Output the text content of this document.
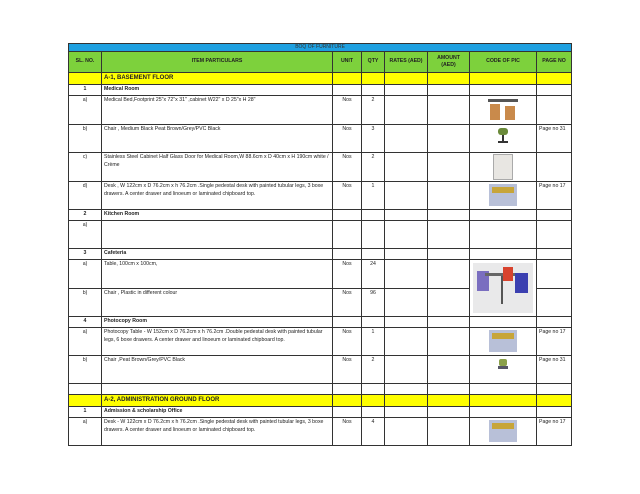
BOQ OF FURNITURE							
SL. NO.	ITEM PARTICULARS	UNIT	QTY	RATES (AED)	AMOUNT (AED)	CODE OF PIC	PAGE NO
	A-1, BASEMENT FLOOR						
1	Medical Room						
a)	Medical Bed,Footprint 25"x 72"x 31" ,cabinet W22" x D 25"x H 28"	Nos	2			

b)	Chair , Medium Black Peat Brown/Grey/PVC Black	Nos	3				Page no 31
c)	Stainless Steel Cabinet Half Glass Door for Medical Room,W 88.6cm x D 40cm x H 190cm white / Crème	Nos	2			

d)	Desk , W 122cm x D 76.2cm x h 76.2cm .Single pedestal desk with painted tubular legs, 3 boxe drawers. A center drawer and linoeum or laminated chipboard top.	Nos	1				Page no 17
2	Kitchen Room						
a)							
3	Cafeteria						
a)	Table, 100cm x 100cm,	Nos	24			

b)	Chair , Plastic in different colour	Nos	96				
4	Photocopy Room						
a)	Photocopy Table - W 152cm x D 76.2cm x h 76.2cm .Double pedestal desk with painted tubular legs, 6 boxe drawers. A center drawer and linoeum or laminated chipboard top.	Nos	1				Page no 17
b)	Chair ,Peat Brown/Grey/PVC Black	Nos	2				Page no 31

	A-2, ADMINISTRATION GROUND FLOOR						
1	Admission & scholarship Office						
a)	Desk - W 122cm x D 76.2cm x h 76.2cm .Single pedestal desk with painted tubular legs, 3 boxe drawers. A center drawer and linoeum or laminated chipboard top.	Nos	4				Page no 17
